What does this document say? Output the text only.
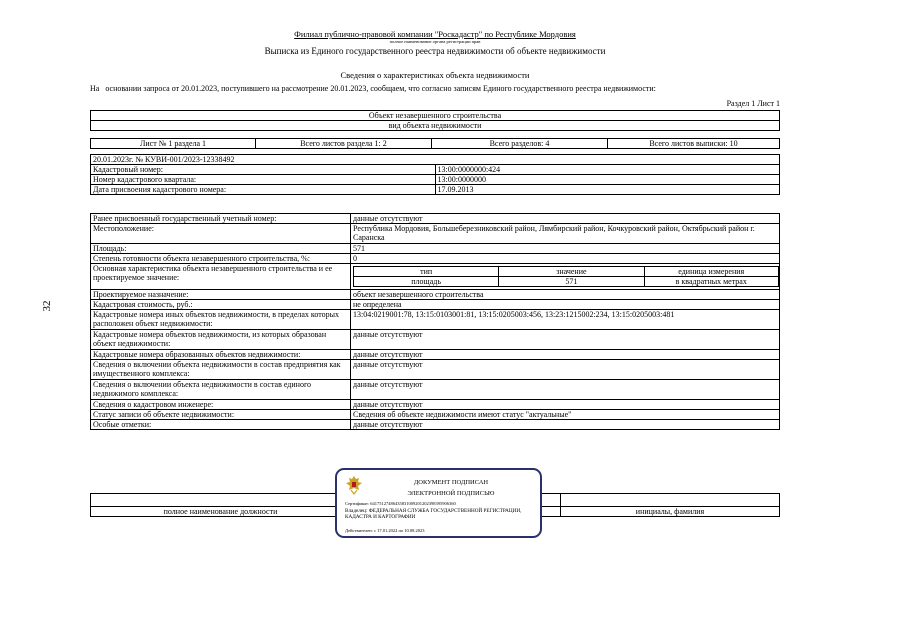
32
Филиал публично-правовой компании "Роскадастр" по Республике Мордовия
полное наименование органа регистрации прав
Выписка из Единого государственного реестра недвижимости об объекте недвижимости
Сведения о характеристиках объекта недвижимости
На   основании запроса от 20.01.2023, поступившего на рассмотрение 20.01.2023, сообщаем, что согласно записям Единого государственного реестра недвижимости:
Раздел 1 Лист 1
Объект незавершенного строительства
вид объекта недвижимости
Лист № 1 раздела 1	Всего листов раздела 1: 2	Всего разделов: 4	Всего листов выписки: 10
20.01.2023г. № КУВИ-001/2023-12338492	
Кадастровый номер:	13:00:0000000:424
Номер кадастрового квартала:	13:00:0000000
Дата присвоения кадастрового номера:	17.09.2013
Ранее присвоенный государственный учетный номер:	данные отсутствуют
Местоположение:	Республика Мордовия, Большеберезниковский район, Лямбирский район, Кочкуровский район, Октябрьский район г. Саранска
Площадь:	571
Степень готовности объекта незавершенного строительства, %:	0
Основная характеристика объекта незавершенного строительства и ее проектируемое значение:	
тип	значение	единица измерения
площадь	571	в квадратных метрах

Проектируемое назначение:	объект незавершенного строительства
Кадастровая стоимость, руб.:	не определена
Кадастровые номера иных объектов недвижимости, в пределах которых расположен объект недвижимости:	13:04:0219001:78, 13:15:0103001:81, 13:15:0205003:456, 13:23:1215002:234, 13:15:0205003:481
Кадастровые номера объектов недвижимости, из которых образован объект недвижимости:	данные отсутствуют
Кадастровые номера образованных объектов недвижимости:	данные отсутствуют
Сведения о включении объекта недвижимости в состав предприятия как имущественного комплекса:	данные отсутствуют
Сведения о включении объекта недвижимости в состав единого недвижимого комплекса:	данные отсутствуют
Сведения о кадастровом инженере:	данные отсутствуют
Статус записи об объекте недвижимости:	Сведения об объекте недвижимости имеют статус "актуальные"
Особые отметки:	данные отсутствуют

полное наименование должности		инициалы, фамилия
ДОКУМЕНТ ПОДПИСАН
ЭЛЕКТРОННОЙ ПОДПИСЬЮ
Сертификат: 64175127486435831009201202398395906360
Владелец: ФЕДЕРАЛЬНАЯ СЛУЖБА ГОСУДАРСТВЕННОЙ РЕГИСТРАЦИИ, КАДАСТРА И КАРТОГРАФИИ
Действителен: с 17.01.2022 по 10.08.2023
